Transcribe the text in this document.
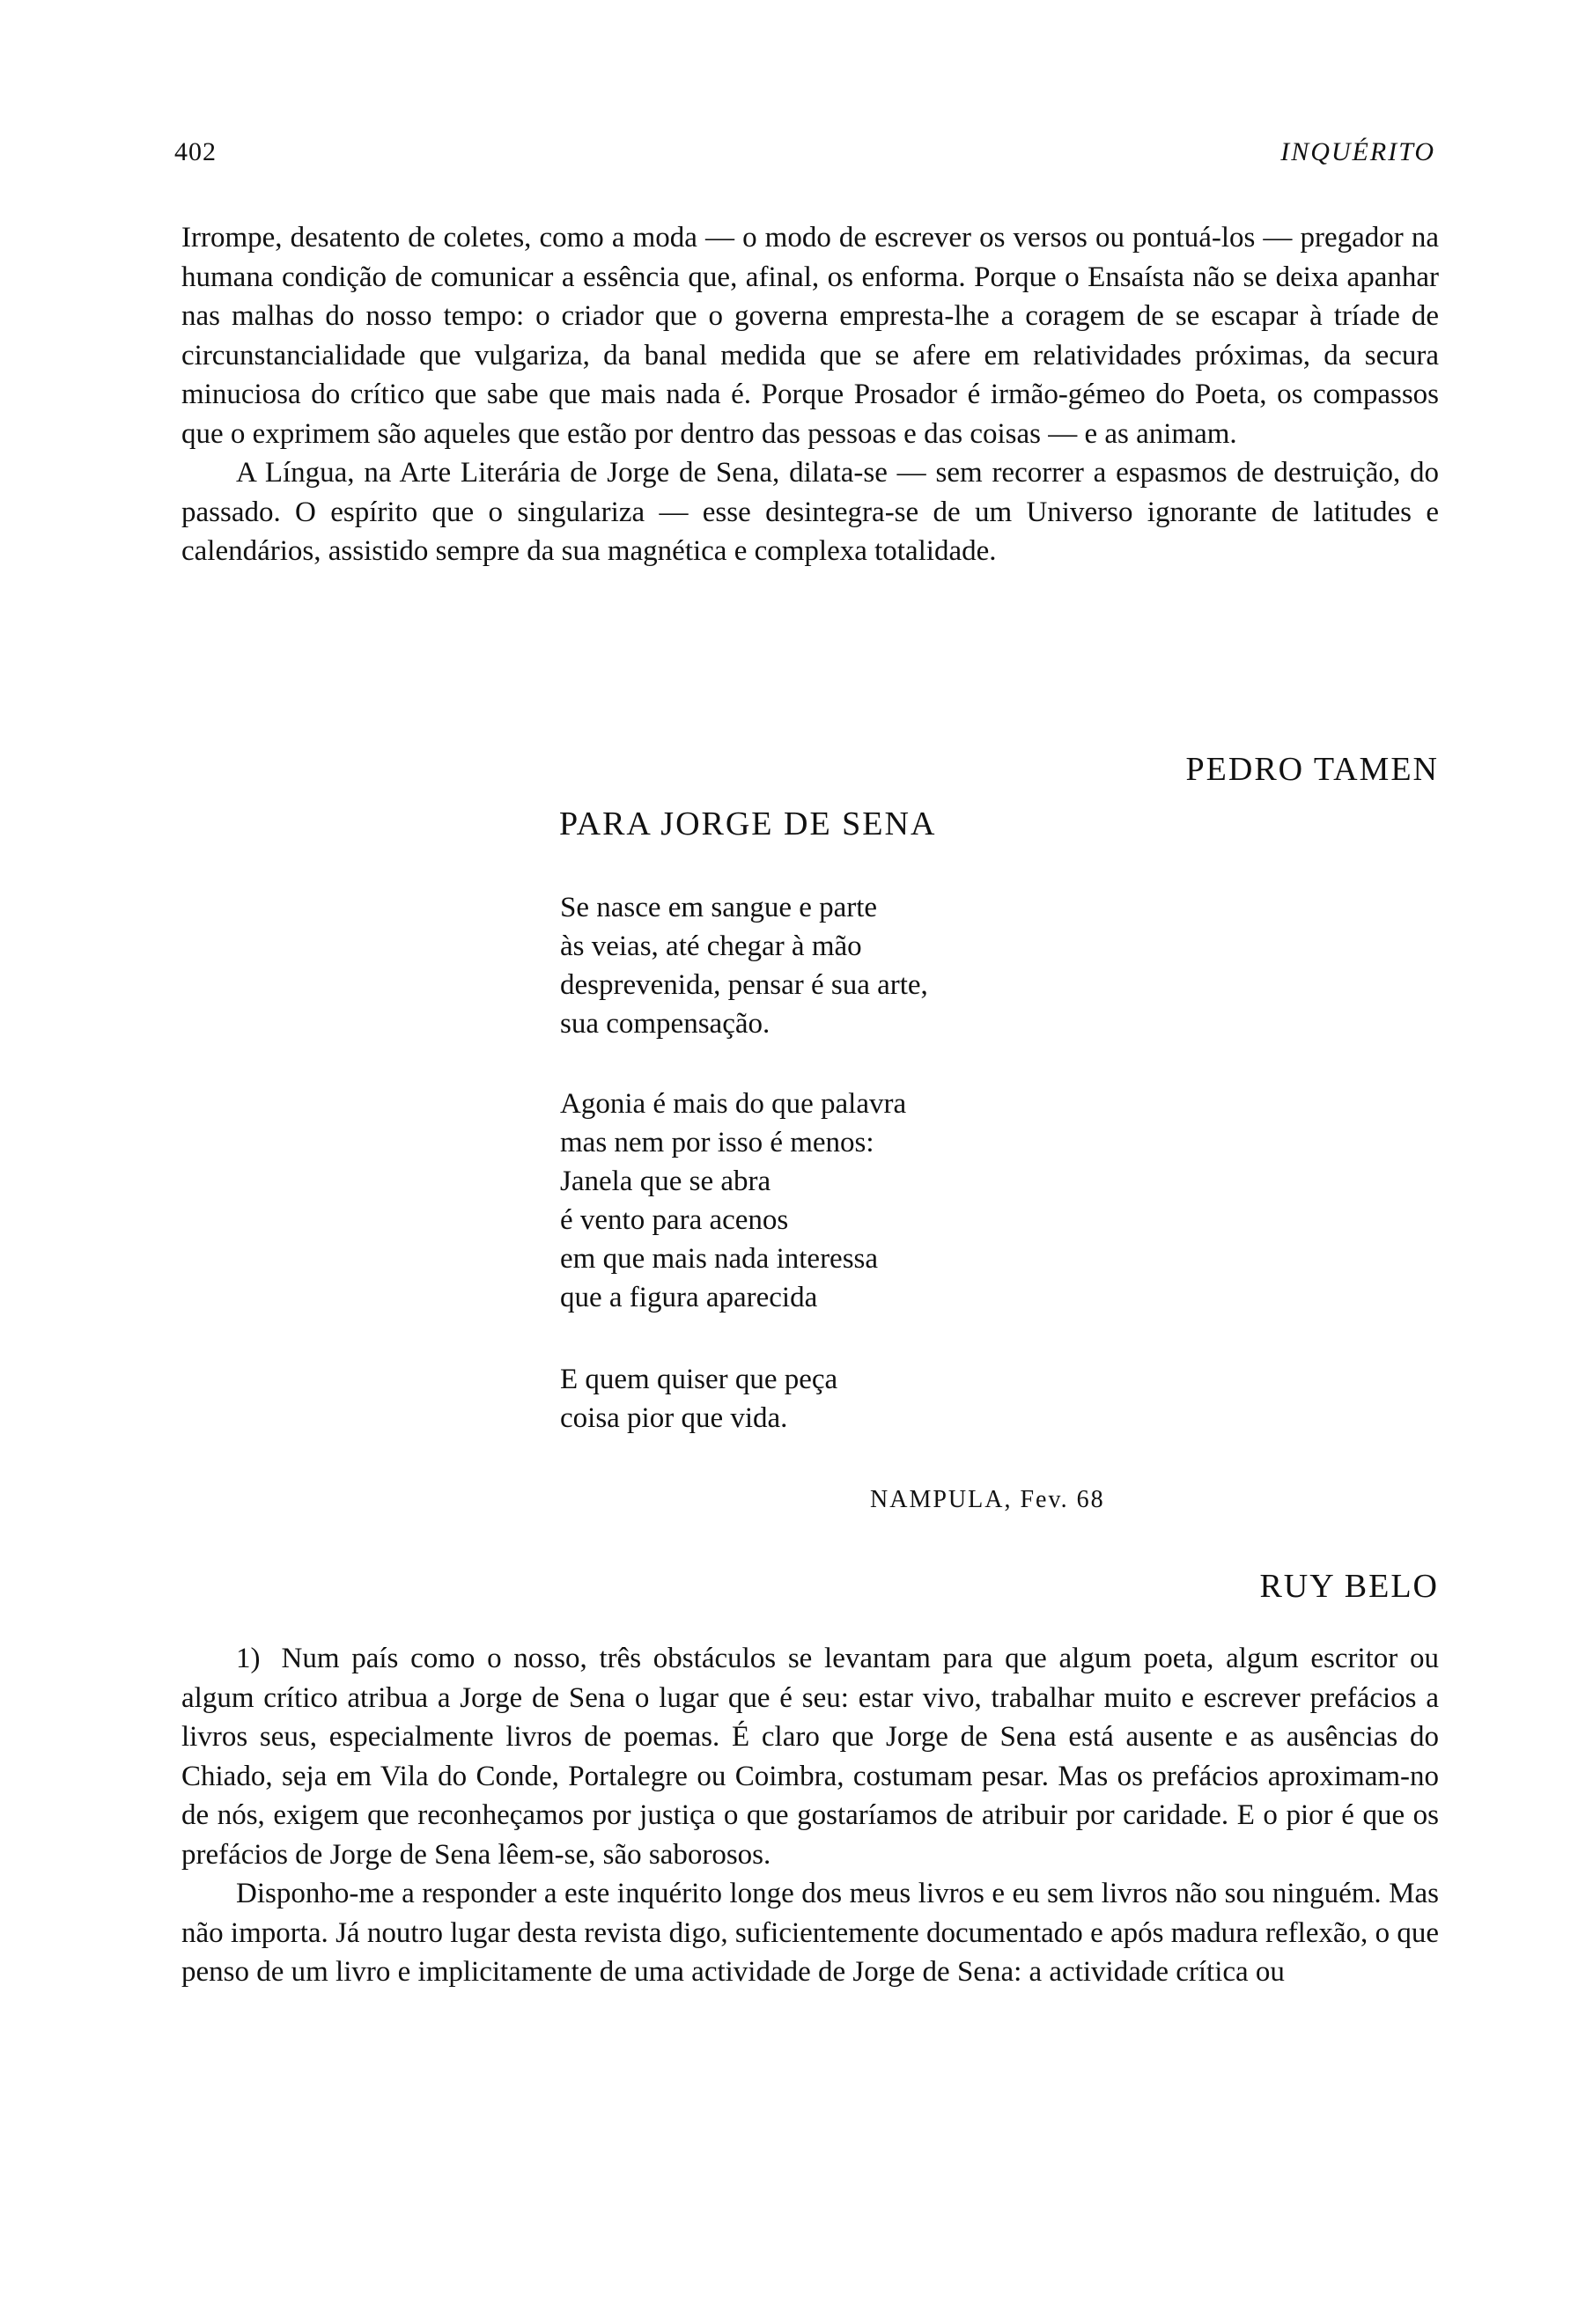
402	INQUÉRITO

Irrompe, desatento de coletes, como a moda — o modo de escrever os versos ou pontuá-los — pregador na humana condição de comunicar a essência que, afinal, os enforma. Porque o Ensaísta não se deixa apanhar nas malhas do nosso tempo: o criador que o governa empresta-lhe a coragem de se escapar à tríade de circunstancialidade que vulgariza, da banal medida que se afere em relatividades próximas, da secura minuciosa do crítico que sabe que mais nada é. Porque Prosador é irmão-gémeo do Poeta, os compassos que o exprimem são aqueles que estão por dentro das pessoas e das coisas — e as animam.

A Língua, na Arte Literária de Jorge de Sena, dilata-se — sem recorrer a espasmos de destruição, do passado. O espírito que o singulariza — esse desintegra-se de um Universo ignorante de latitudes e calendários, assistido sempre da sua magnética e complexa totalidade.

PEDRO TAMEN
PARA JORGE DE SENA
Se nasce em sangue e parte
às veias, até chegar à mão
desprevenida, pensar é sua arte,
sua compensação.
Agonia é mais do que palavra
mas nem por isso é menos:
Janela que se abra
é vento para acenos
em que mais nada interessa
que a figura aparecida
E quem quiser que peça
coisa pior que vida.
NAMPULA, Fev. 68
RUY BELO

1) Num país como o nosso, três obstáculos se levantam para que algum poeta, algum escritor ou algum crítico atribua a Jorge de Sena o lugar que é seu: estar vivo, trabalhar muito e escrever prefácios a livros seus, especialmente livros de poemas. É claro que Jorge de Sena está ausente e as ausências do Chiado, seja em Vila do Conde, Portalegre ou Coimbra, costumam pesar. Mas os prefácios aproximam-no de nós, exigem que reconheçamos por justiça o que gostaríamos de atribuir por caridade. E o pior é que os prefácios de Jorge de Sena lêem-se, são saborosos.

Disponho-me a responder a este inquérito longe dos meus livros e eu sem livros não sou ninguém. Mas não importa. Já noutro lugar desta revista digo, suficientemente documentado e após madura reflexão, o que penso de um livro e implicitamente de uma actividade de Jorge de Sena: a actividade crítica ou
